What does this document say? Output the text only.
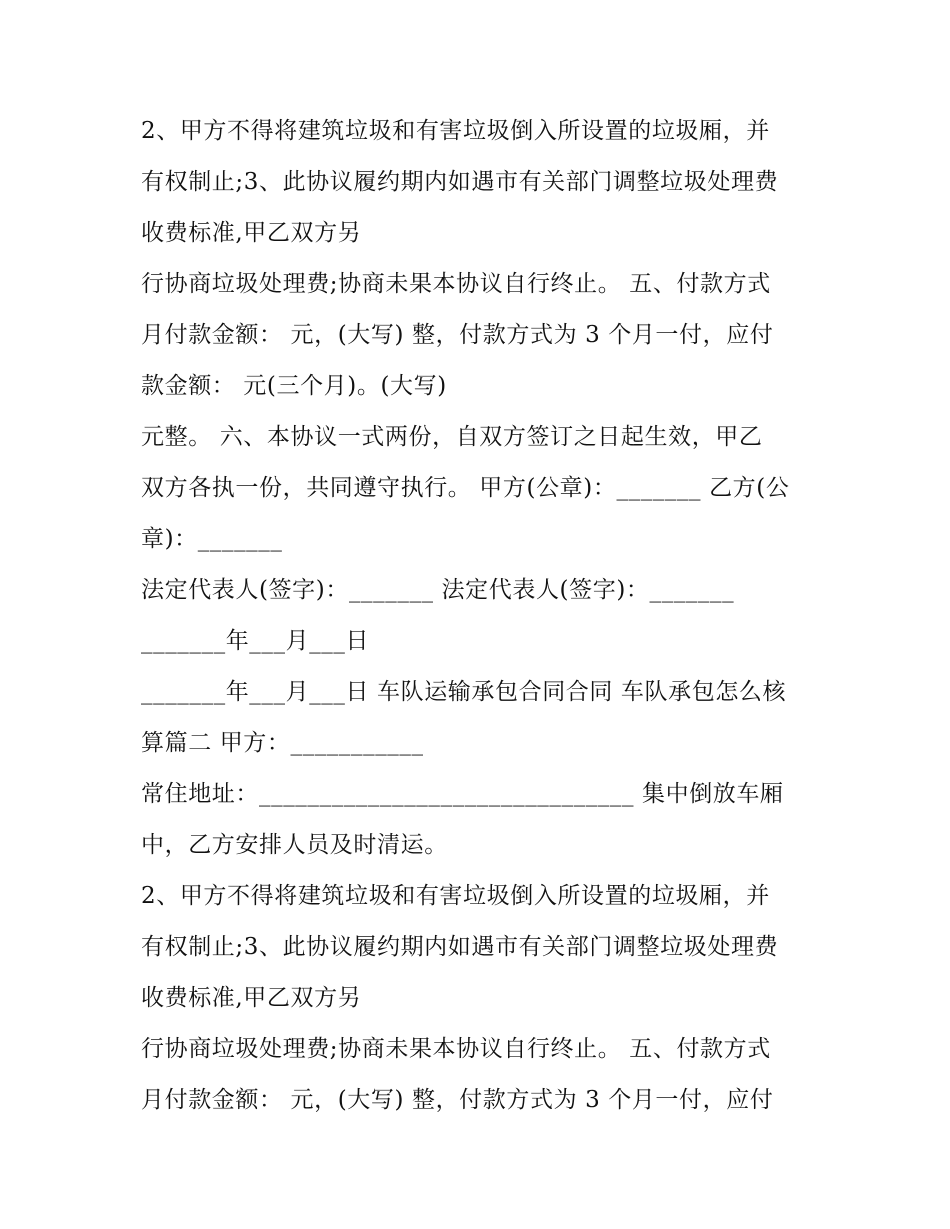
2、甲方不得将建筑垃圾和有害垃圾倒入所设置的垃圾厢，并
有权制止;3、此协议履约期内如遇市有关部门调整垃圾处理费
收费标准,甲乙双方另
行协商垃圾处理费;协商未果本协议自行终止。 五、付款方式
月付款金额： 元，(大写) 整，付款方式为 3 个月一付，应付
款金额： 元(三个月)。(大写)
元整。 六、本协议一式两份，自双方签订之日起生效，甲乙
双方各执一份，共同遵守执行。 甲方(公章)：_______ 乙方(公
章)：_______
法定代表人(签字)：_______ 法定代表人(签字)：_______
_______年___月___日
_______年___月___日 车队运输承包合同合同 车队承包怎么核
算篇二 甲方：___________
常住地址：_______________________________ 集中倒放车厢
中，乙方安排人员及时清运。
2、甲方不得将建筑垃圾和有害垃圾倒入所设置的垃圾厢，并
有权制止;3、此协议履约期内如遇市有关部门调整垃圾处理费
收费标准,甲乙双方另
行协商垃圾处理费;协商未果本协议自行终止。 五、付款方式
月付款金额： 元，(大写) 整，付款方式为 3 个月一付，应付
